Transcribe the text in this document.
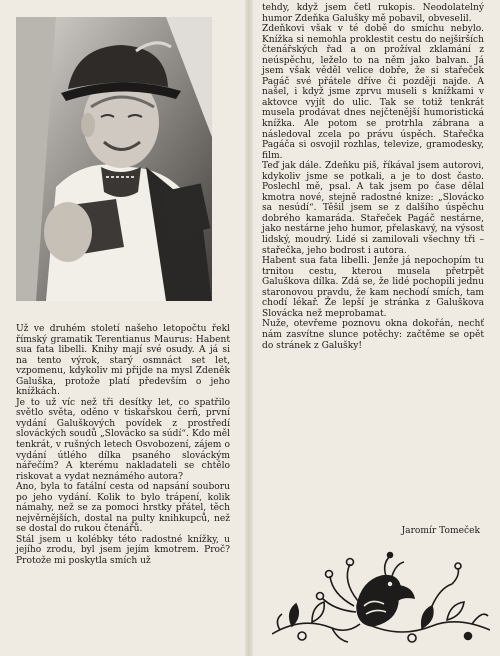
Už ve druhém století našeho letopočtu řekl římský gramatik Terentianus Maurus: Habent sua fata libelli. Knihy mají své osudy. A já si na tento výrok, starý osmnáct set let, vzpomenu, kdykoliv mi přijde na mysl Zdeněk Galuška, protože platí především o jeho knížkách.

Je to už víc než tři desítky let, co spatřilo světlo světa, oděno v tiskařskou čerň, první vydání Galuškových povídek z prostředí slováckých soudů „Slovácko sa súdí“. Kdo měl tenkrát, v rušných letech Osvobození, zájem o vydání útlého dílka psaného slováckým nářečím? A kterému nakladateli se chtělo riskovat a vydat neznámého autora?

Ano, byla to fatální cesta od napsání souboru po jeho vydání. Kolik to bylo trápení, kolik námahy, než se za pomoci hrstky přátel, těch nejvěrnějších, dostal na pulty knihkupců, než se dostal do rukou čtenářů.

Stál jsem u kolébky této radostné knížky, u jejího zrodu, byl jsem jejím kmotrem. Proč? Protože mi poskytla smích už

tehdy, když jsem četl rukopis. Neodolatelný humor Zdeňka Galušky mě pobavil, obveselil.

Zdeňkovi však v té době do smíchu nebylo. Knížka si nemohla proklestit cestu do nejširších čtenářských řad a on prožíval zklamání z neúspěchu, leželo to na něm jako balvan. Já jsem však věděl velice dobře, že si stařeček Pagáč své přátele dříve či později najde. A našel, i když jsme zprvu museli s knížkami v aktovce vyjít do ulic. Tak se totiž tenkrát musela prodávat dnes nejčtenější humoristická knížka. Ale potom se protrhla zábrana a následoval zcela po právu úspěch. Stařečka Pagáča si osvojil rozhlas, televize, gramodesky, film.

Teď jak dále. Zdeňku piš, říkával jsem autorovi, kdykoliv jsme se potkali, a je to dost často. Poslechl mě, psal. A tak jsem po čase dělal kmotra nové, stejně radostné knize: „Slovácko sa nesúdí“. Těšil jsem se z dalšího úspěchu dobrého kamaráda. Stařeček Pagáč nestárne, jako nestárne jeho humor, přelaskavý, na výsost lidský, moudrý. Lidé si zamilovali všechny tři – stařečka, jeho bodrost i autora.

Habent sua fata libelli. Jenže já nepochopím tu trnitou cestu, kterou musela přetrpět Galuškova dílka. Zdá se, že lidé pochopili jednu staronovou pravdu, že kam nechodí smích, tam chodí lékař. Že lepší je stránka z Galuškova Slovácka než meprobamat.

Nuže, otevřeme poznovu okna dokořán, nechť nám zasvítne slunce potěchy: začtěme se opět do stránek z Galušky!

Jaromír Tomeček
